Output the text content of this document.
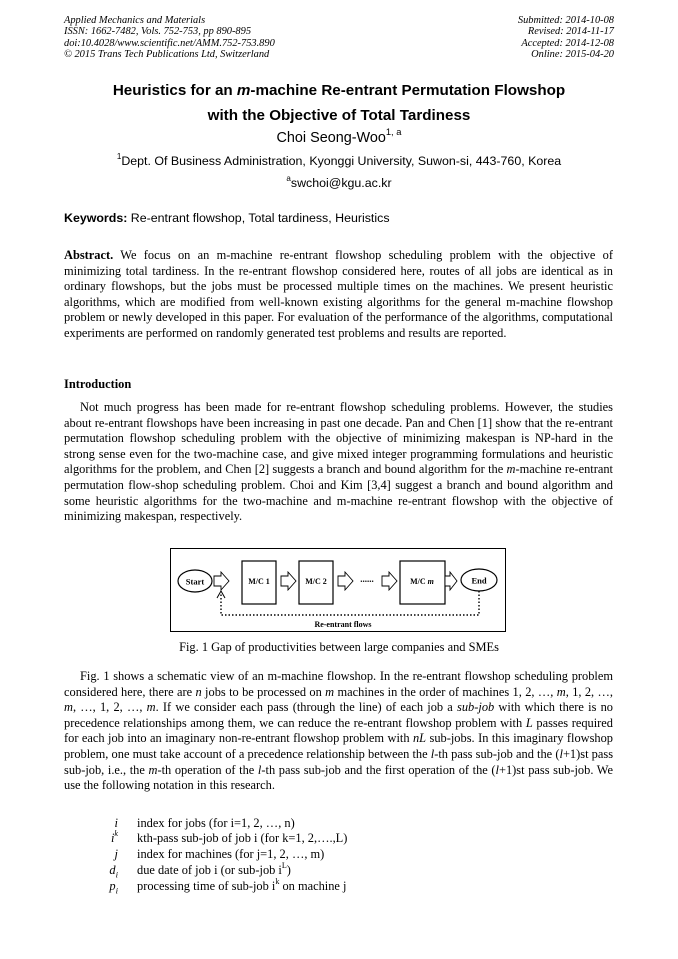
Applied Mechanics and Materials
ISSN: 1662-7482, Vols. 752-753, pp 890-895
doi:10.4028/www.scientific.net/AMM.752-753.890
© 2015 Trans Tech Publications Ltd, Switzerland
Submitted: 2014-10-08
Revised: 2014-11-17
Accepted: 2014-12-08
Online: 2015-04-20
Heuristics for an m-machine Re-entrant Permutation Flowshop
with the Objective of Total Tardiness
Choi Seong-Woo$^{1, a}$
$^1$Dept. Of Business Administration, Kyonggi University, Suwon-si, 443-760, Korea
$^a$swchoi@kgu.ac.kr
Keywords: Re-entrant flowshop, Total tardiness, Heuristics
Abstract. We focus on an m-machine re-entrant flowshop scheduling problem with the objective of minimizing total tardiness. In the re-entrant flowshop considered here, routes of all jobs are identical as in ordinary flowshops, but the jobs must be processed multiple times on the machines. We present heuristic algorithms, which are modified from well-known existing algorithms for the general m-machine flowshop problem or newly developed in this paper. For evaluation of the performance of the algorithms, computational experiments are performed on randomly generated test problems and results are reported.
Introduction
Not much progress has been made for re-entrant flowshop scheduling problems. However, the studies about re-entrant flowshops have been increasing in past one decade. Pan and Chen [1] show that the re-entrant permutation flowshop scheduling problem with the objective of minimizing makespan is NP-hard in the strong sense even for the two-machine case, and give mixed integer programming formulations and heuristic algorithms for the problem, and Chen [2] suggests a branch and bound algorithm for the m-machine re-entrant permutation flow-shop scheduling problem. Choi and Kim [3,4] suggest a branch and bound algorithm and some heuristic algorithms for the two-machine and m-machine re-entrant flowshop with the objective of minimizing makespan, respectively.
Start	M/C 1	M/C 2	......	M/C m	End
Re-entrant flows
Fig. 1 Gap of productivities between large companies and SMEs
Fig. 1 shows a schematic view of an m-machine flowshop. In the re-entrant flowshop scheduling problem considered here, there are n jobs to be processed on m machines in the order of machines 1, 2, …, m, 1, 2, …, m, …, 1, 2, …, m. If we consider each pass (through the line) of each job a sub-job with which there is no precedence relationships among them, we can reduce the re-entrant flowshop problem with L passes required for each job into an imaginary non-re-entrant flowshop problem with nL sub-jobs. In this imaginary flowshop problem, one must take account of a precedence relationship between the l-th pass sub-job and the (l+1)st pass sub-job, i.e., the m-th operation of the l-th pass sub-job and the first operation of the (l+1)st pass sub-job. We use the following notation in this research.
i index for jobs (for i=1, 2, …, n)
$i^k$ kth-pass sub-job of job i (for k=1, 2,….,L)
j index for machines (for j=1, 2, …, m)
$d_i$ due date of job i (or sub-job $i^L$)
$p_i$ processing time of sub-job $i^k$ on machine j
